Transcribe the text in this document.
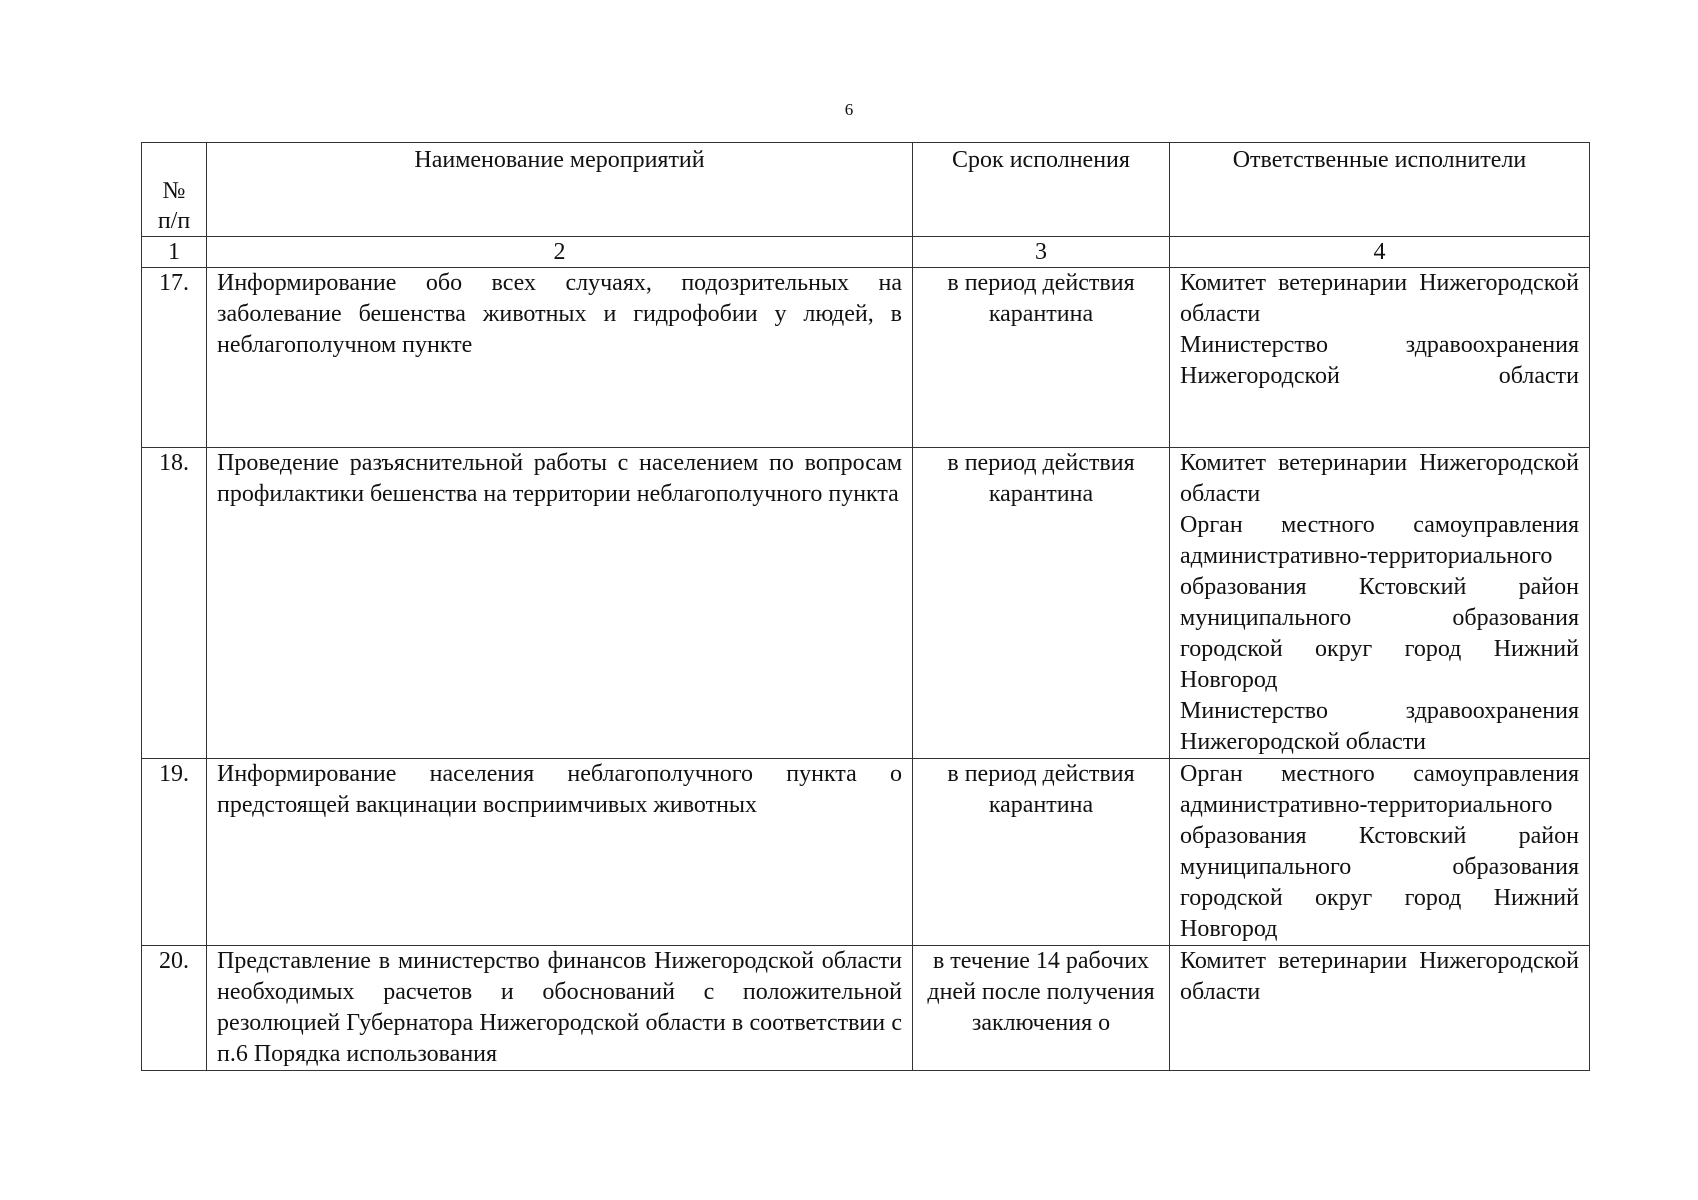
6
№ п/п	Наименование мероприятий	Срок исполнения	Ответственные исполнители
1	2	3	4
17.	Информирование обо всех случаях, подозрительных на заболевание бешенства животных и гидрофобии у людей, в неблагополучном пункте	в период действия карантина	Комитет ветеринарии Нижегородской области

Министерство здравоохранения Нижегородской области

18.	Проведение разъяснительной работы с населением по вопросам профилактики бешенства на территории неблагополучного пункта	в период действия карантина	Комитет ветеринарии Нижегородской области

Орган местного самоуправления административно-территориального образования Кстовский район муниципального образования городской округ город Нижний Новгород

Министерство здравоохранения Нижегородской области

19.	Информирование населения неблагополучного пункта о предстоящей вакцинации восприимчивых животных	в период действия карантина	Орган местного самоуправления административно-территориального образования Кстовский район муниципального образования городской округ город Нижний Новгород

20.	Представление в министерство финансов Нижегородской области необходимых расчетов и обоснований с положительной резолюцией Губернатора Нижегородской области в соответствии с п.6 Порядка использования	в течение 14 рабочих дней после получения заключения о	Комитет ветеринарии Нижегородской области
